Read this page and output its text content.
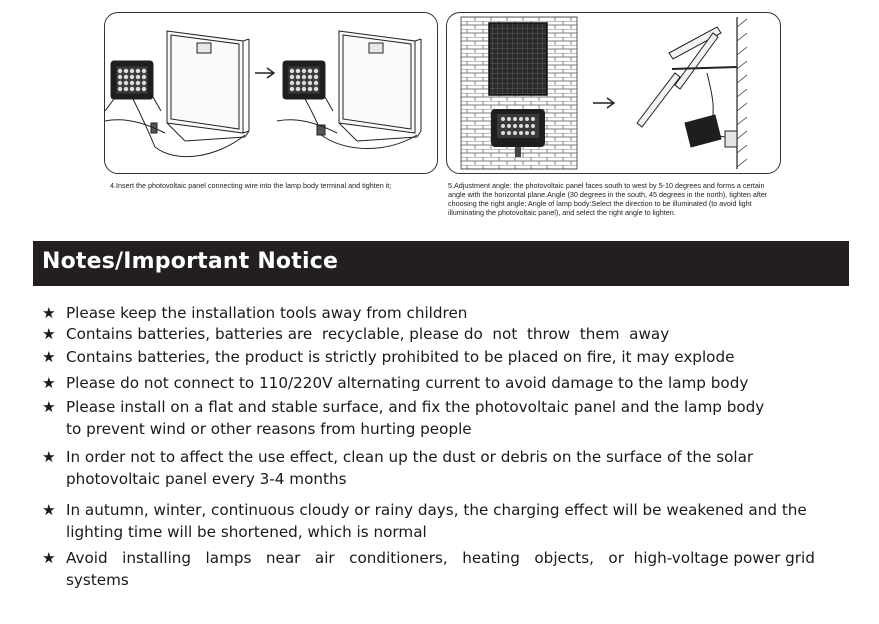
4.Insert the photovoltaic panel connecting wire into the lamp body terminal and tighten it;	5.Adjustment angle: the photovoltaic panel faces south to west by 5-10 degrees and forms a certain angle with the horizontal plane.Angle (30 degrees in the south, 45 degrees in the north), tighten after choosing the right angle; Angle of lamp body:Select the direction to be illuminated (to avoid light illuminating the photovoltaic panel), and select the right angle to lighten.
Notes/Important Notice
★ Please keep the installation tools away from children
★ Contains batteries, batteries are  recyclable, please do  not  throw  them  away
★ Contains batteries, the product is strictly prohibited to be placed on fire, it may explode
★ Please do not connect to 110/220V alternating current to avoid damage to the lamp body
★ Please install on a flat and stable surface, and fix the photovoltaic panel and the lamp body to prevent wind or other reasons from hurting people
★ In order not to affect the use effect, clean up the dust or debris on the surface of the solar photovoltaic panel every 3-4 months
★ In autumn, winter, continuous cloudy or rainy days, the charging effect will be weakened and the lighting time will be shortened, which is normal
★ Avoid   installing   lamps   near   air   conditioners,   heating   objects,   or  high-voltage power grid systems
